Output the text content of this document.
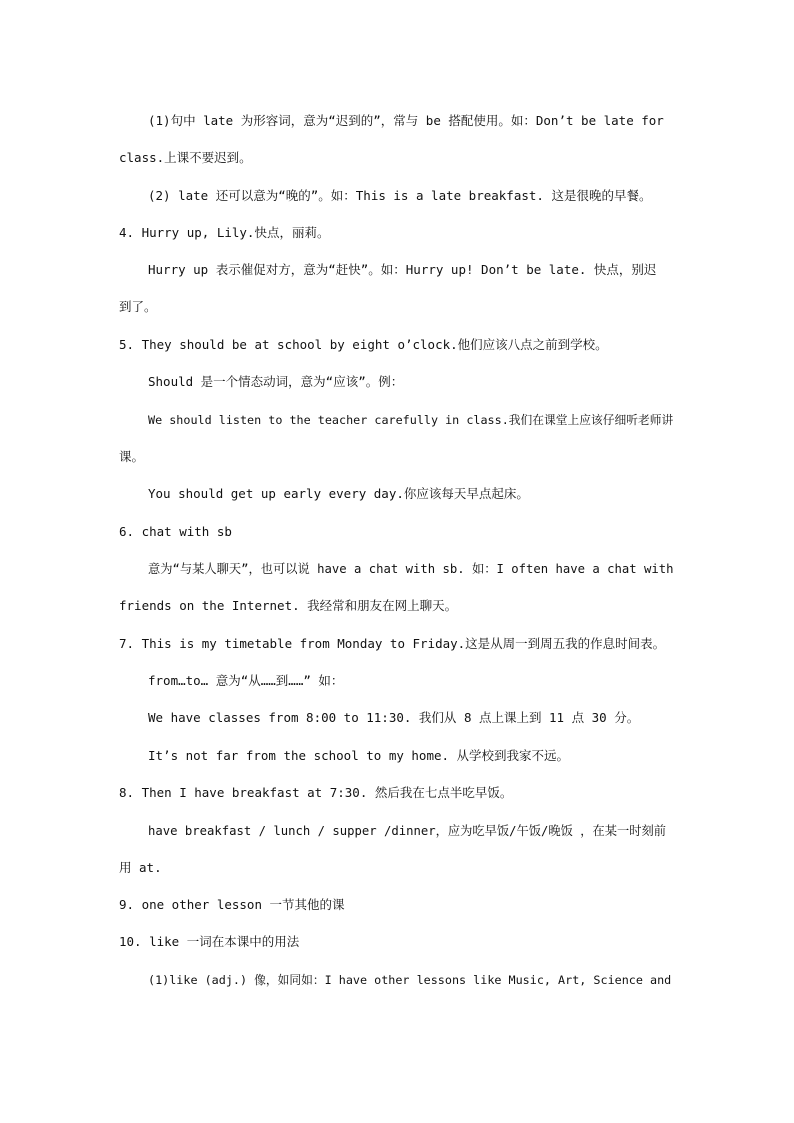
(1)句中 late 为形容词，意为“迟到的”，常与 be 搭配使用。如：Don’t be late for
class.上课不要迟到。
(2) late 还可以意为“晚的”。如：This is a late breakfast. 这是很晚的早餐。
4. Hurry up, Lily.快点，丽莉。
Hurry up 表示催促对方，意为“赶快”。如：Hurry up! Don’t be late. 快点，别迟
到了。
5. They should be at school by eight o’clock.他们应该八点之前到学校。
Should 是一个情态动词，意为“应该”。例：
We should listen to the teacher carefully in class.我们在课堂上应该仔细听老师讲
课。
You should get up early every day.你应该每天早点起床。
6. chat with sb
意为“与某人聊天”，也可以说 have a chat with sb. 如：I often have a chat with
friends on the Internet. 我经常和朋友在网上聊天。
7. This is my timetable from Monday to Friday.这是从周一到周五我的作息时间表。
from…to… 意为“从……到……” 如：
We have classes from 8:00 to 11:30. 我们从 8 点上课上到 11 点 30 分。
It’s not far from the school to my home. 从学校到我家不远。
8. Then I have breakfast at 7:30. 然后我在七点半吃早饭。
have breakfast / lunch / supper /dinner，应为吃早饭/午饭/晚饭 ，在某一时刻前
用 at.
9. one other lesson 一节其他的课
10. like 一词在本课中的用法
(1)like (adj.) 像，如同如：I have other lessons like Music, Art, Science and
